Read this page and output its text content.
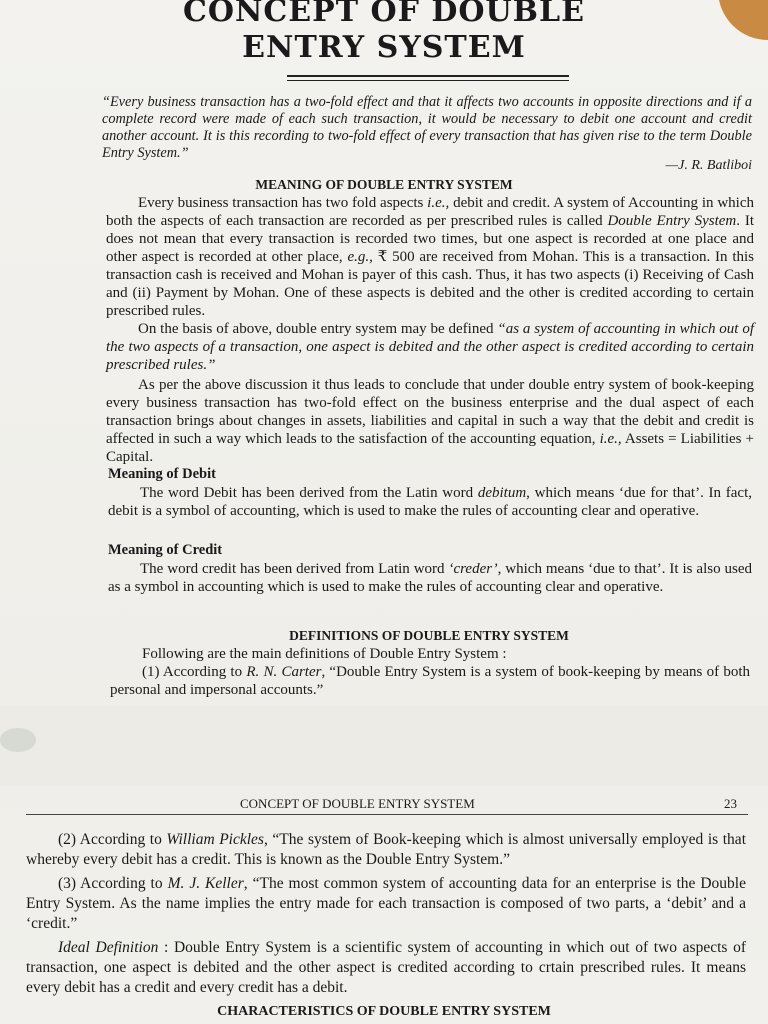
CONCEPT OF DOUBLE
ENTRY SYSTEM
“Every business transaction has a two-fold effect and that it affects two accounts in opposite directions and if a complete record were made of each such transaction, it would be necessary to debit one account and credit another account. It is this recording to two-fold effect of every transaction that has given rise to the term Double Entry System.”
—J. R. Batliboi
MEANING OF DOUBLE ENTRY SYSTEM
Every business transaction has two fold aspects i.e., debit and credit. A system of Accounting in which both the aspects of each transaction are recorded as per prescribed rules is called Double Entry System. It does not mean that every transaction is recorded two times, but one aspect is recorded at one place and other aspect is recorded at other place, e.g., ₹ 500 are received from Mohan. This is a transaction. In this transaction cash is received and Mohan is payer of this cash. Thus, it has two aspects (i) Receiving of Cash and (ii) Payment by Mohan. One of these aspects is debited and the other is credited according to certain prescribed rules.
On the basis of above, double entry system may be defined “as a system of accounting in which out of the two aspects of a transaction, one aspect is debited and the other aspect is credited according to certain prescribed rules.”
As per the above discussion it thus leads to conclude that under double entry system of book-keeping every business transaction has two-fold effect on the business enterprise and the dual aspect of each transaction brings about changes in assets, liabilities and capital in such a way that the debit and credit is affected in such a way which leads to the satisfaction of the accounting equation, i.e., Assets = Liabilities + Capital.
Meaning of Debit
The word Debit has been derived from the Latin word debitum, which means ‘due for that’. In fact, debit is a symbol of accounting, which is used to make the rules of accounting clear and operative.
Meaning of Credit
The word credit has been derived from Latin word ‘creder’, which means ‘due to that’. It is also used as a symbol in accounting which is used to make the rules of accounting clear and operative.
DEFINITIONS OF DOUBLE ENTRY SYSTEM
Following are the main definitions of Double Entry System :
(1) According to R. N. Carter, “Double Entry System is a system of book-keeping by means of both personal and impersonal accounts.”
CONCEPT OF DOUBLE ENTRY SYSTEM	23
(2) According to William Pickles, “The system of Book-keeping which is almost universally employed is that whereby every debit has a credit. This is known as the Double Entry System.”
(3) According to M. J. Keller, “The most common system of accounting data for an enterprise is the Double Entry System. As the name implies the entry made for each transaction is composed of two parts, a ‘debit’ and a ‘credit.”
Ideal Definition : Double Entry System is a scientific system of accounting in which out of two aspects of transaction, one aspect is debited and the other aspect is credited according to crtain prescribed rules. It means every debit has a credit and every credit has a debit.
CHARACTERISTICS OF DOUBLE ENTRY SYSTEM
